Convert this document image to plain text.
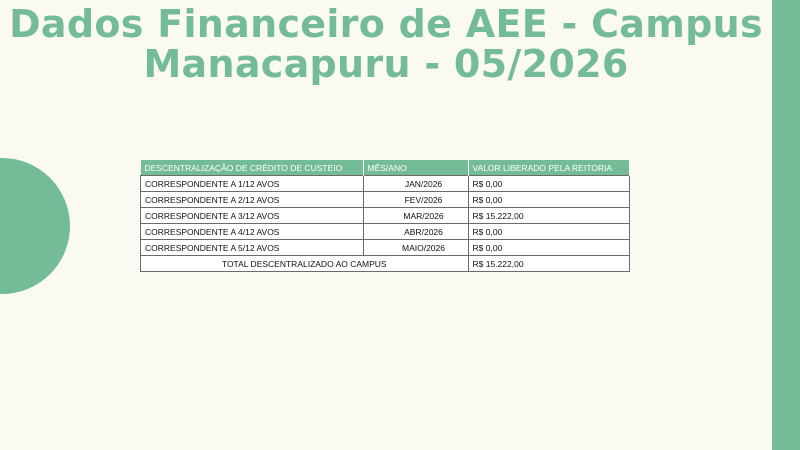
Dados Financeiro de AEE - Campus
Manacapuru - 05/2026
DESCENTRALIZAÇÃO DE CRÉDITO DE CUSTEIO	MÊS/ANO	VALOR LIBERADO PELA REITORIA
CORRESPONDENTE A 1/12 AVOS	JAN/2026	R$ 0,00
CORRESPONDENTE A 2/12 AVOS	FEV/2026	R$ 0,00
CORRESPONDENTE A 3/12 AVOS	MAR/2026	R$ 15.222,00
CORRESPONDENTE A 4/12 AVOS	ABR/2026	R$ 0,00
CORRESPONDENTE A 5/12 AVOS	MAIO/2026	R$ 0,00
TOTAL DESCENTRALIZADO AO CAMPUS		R$ 15.222,00
